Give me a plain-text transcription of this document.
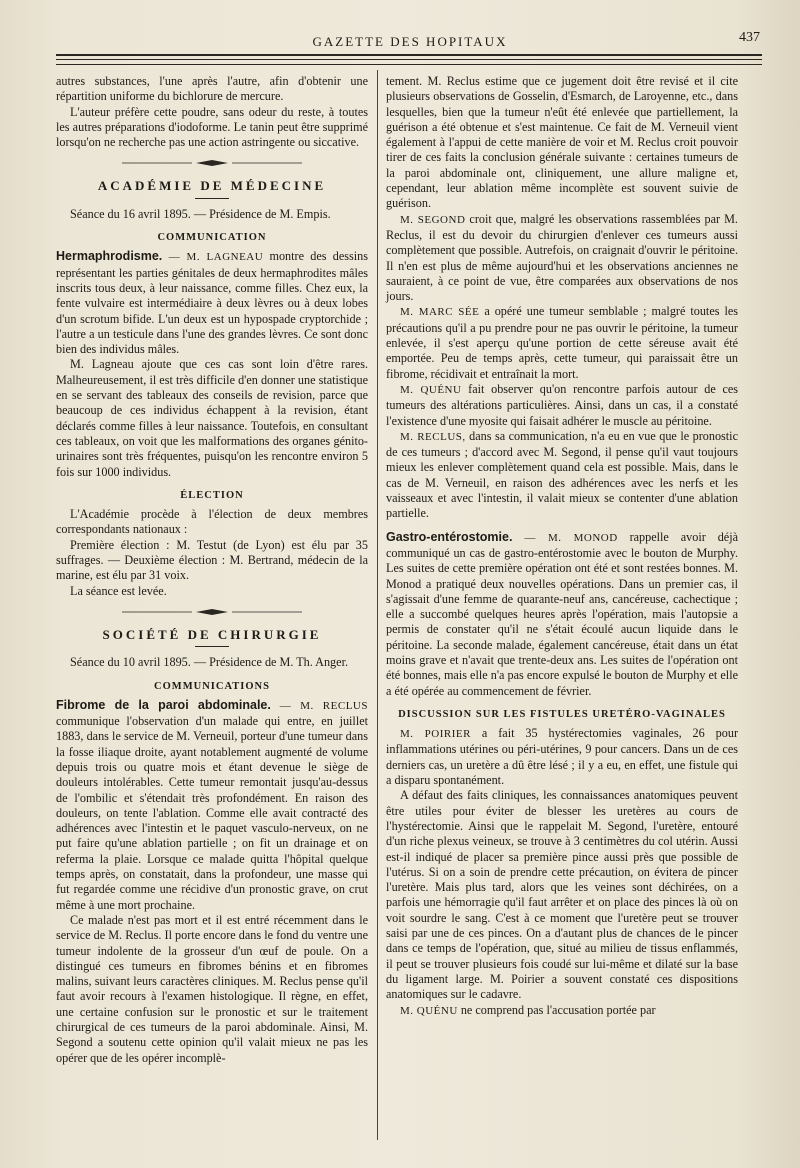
GAZETTE DES HOPITAUX	437

autres substances, l'une après l'autre, afin d'obtenir une répartition uniforme du bichlorure de mercure.

L'auteur préfère cette poudre, sans odeur du reste, à toutes les autres préparations d'iodoforme. Le tanin peut être supprimé lorsqu'on ne recherche pas une action astringente ou siccative.

ACADÉMIE DE MÉDECINE

Séance du 16 avril 1895. — Présidence de M. Empis.

COMMUNICATION

Hermaphrodisme. — M. LAGNEAU montre des dessins représentant les parties génitales de deux hermaphrodites mâles inscrits tous deux, à leur naissance, comme filles. Chez eux, la fente vulvaire est intermédiaire à deux lèvres ou à deux lobes d'un scrotum bifide. L'un deux est un hypospade cryptorchide ; l'autre a un testicule dans l'une des grandes lèvres. Ce sont donc bien des individus mâles.

M. Lagneau ajoute que ces cas sont loin d'être rares. Malheureusement, il est très difficile d'en donner une statistique en se servant des tableaux des conseils de revision, parce que beaucoup de ces individus échappent à la revision, étant déclarés comme filles à leur naissance. Toutefois, en consultant ces tableaux, on voit que les malformations des organes génito-urinaires sont très fréquentes, puisqu'on les rencontre environ 5 fois sur 1000 individus.

ÉLECTION

L'Académie procède à l'élection de deux membres correspondants nationaux :

Première élection : M. Testut (de Lyon) est élu par 35 suffrages. — Deuxième élection : M. Bertrand, médecin de la marine, est élu par 31 voix.

La séance est levée.

SOCIÉTÉ DE CHIRURGIE

Séance du 10 avril 1895. — Présidence de M. Th. Anger.

COMMUNICATIONS

Fibrome de la paroi abdominale. — M. RECLUS communique l'observation d'un malade qui entre, en juillet 1883, dans le service de M. Verneuil, porteur d'une tumeur dans la fosse iliaque droite, ayant notablement augmenté de volume depuis trois ou quatre mois et étant devenue le siège de douleurs intolérables. Cette tumeur remontait jusqu'au-dessus de l'ombilic et s'étendait très profondément. En raison des douleurs, on tente l'ablation. Comme elle avait contracté des adhérences avec l'intestin et le paquet vasculo-nerveux, on ne put faire qu'une ablation partielle ; on fit un drainage et on referma la plaie. Lorsque ce malade quitta l'hôpital quelque temps après, on constatait, dans la profondeur, une masse qui fut regardée comme une récidive d'un pronostic grave, on crut même à une mort prochaine.

Ce malade n'est pas mort et il est entré récemment dans le service de M. Reclus. Il porte encore dans le fond du ventre une tumeur indolente de la grosseur d'un œuf de poule. On a distingué ces tumeurs en fibromes bénins et en fibromes malins, suivant leurs caractères cliniques. M. Reclus pense qu'il faut avoir recours à l'examen histologique. Il règne, en effet, une certaine confusion sur le pronostic et sur le traitement chirurgical de ces tumeurs de la paroi abdominale. Ainsi, M. Segond a soutenu cette opinion qu'il valait mieux ne pas les opérer que de les opérer incomplè-

tement. M. Reclus estime que ce jugement doit être revisé et il cite plusieurs observations de Gosselin, d'Esmarch, de Laroyenne, etc., dans lesquelles, bien que la tumeur n'eût été enlevée que partiellement, la guérison a été obtenue et s'est maintenue. Ce fait de M. Verneuil vient également à l'appui de cette manière de voir et M. Reclus croit pouvoir tirer de ces faits la conclusion générale suivante : certaines tumeurs de la paroi abdominale ont, cliniquement, une allure maligne et, cependant, leur ablation même incomplète est souvent suivie de guérison.

M. SEGOND croit que, malgré les observations rassemblées par M. Reclus, il est du devoir du chirurgien d'enlever ces tumeurs aussi complètement que possible. Autrefois, on craignait d'ouvrir le péritoine. Il n'en est plus de même aujourd'hui et les observations anciennes ne sauraient, à ce point de vue, être comparées aux observations de nos jours.

M. MARC SÉE a opéré une tumeur semblable ; malgré toutes les précautions qu'il a pu prendre pour ne pas ouvrir le péritoine, la tumeur enlevée, il s'est aperçu qu'une portion de cette séreuse avait été emportée. Peu de temps après, cette tumeur, qui paraissait être un fibrome, récidivait et entraînait la mort.

M. QUÉNU fait observer qu'on rencontre parfois autour de ces tumeurs des altérations particulières. Ainsi, dans un cas, il a constaté l'existence d'une myosite qui faisait adhérer le muscle au péritoine.

M. RECLUS, dans sa communication, n'a eu en vue que le pronostic de ces tumeurs ; d'accord avec M. Segond, il pense qu'il vaut toujours mieux les enlever complètement quand cela est possible. Mais, dans le cas de M. Verneuil, en raison des adhérences avec les nerfs et les vaisseaux et avec l'intestin, il valait mieux se contenter d'une ablation partielle.

Gastro-entérostomie. — M. MONOD rappelle avoir déjà communiqué un cas de gastro-entérostomie avec le bouton de Murphy. Les suites de cette première opération ont été et sont restées bonnes. M. Monod a pratiqué deux nouvelles opérations. Dans un premier cas, il s'agissait d'une femme de quarante-neuf ans, cancéreuse, cachectique ; elle a succombé quelques heures après l'opération, mais l'autopsie a permis de constater qu'il ne s'était écoulé aucun liquide dans le péritoine. La seconde malade, également cancéreuse, était dans un état moins grave et n'avait que trente-deux ans. Les suites de l'opération ont été bonnes, mais elle n'a pas encore expulsé le bouton de Murphy et elle a été opérée au commencement de février.

DISCUSSION SUR LES FISTULES URETÉRO-VAGINALES

M. POIRIER a fait 35 hystérectomies vaginales, 26 pour inflammations utérines ou péri-utérines, 9 pour cancers. Dans un de ces derniers cas, un uretère a dû être lésé ; il y a eu, en effet, une fistule qui a disparu spontanément.

A défaut des faits cliniques, les connaissances anatomiques peuvent être utiles pour éviter de blesser les uretères au cours de l'hystérectomie. Ainsi que le rappelait M. Segond, l'uretère, entouré d'un riche plexus veineux, se trouve à 3 centimètres du col utérin. Aussi est-il indiqué de placer sa première pince aussi près que possible de l'utérus. Si on a soin de prendre cette précaution, on évitera de pincer l'uretère. Mais plus tard, alors que les veines sont déchirées, on a parfois une hémorragie qu'il faut arrêter et on place des pinces là où on voit sourdre le sang. C'est à ce moment que l'uretère peut se trouver saisi par une de ces pinces. On a d'autant plus de chances de le pincer dans ce temps de l'opération, que, situé au milieu de tissus enflammés, il peut se trouver plusieurs fois coudé sur lui-même et dilaté sur la base du ligament large. M. Poirier a souvent constaté ces dispositions anatomiques sur le cadavre.

M. QUÉNU ne comprend pas l'accusation portée par
